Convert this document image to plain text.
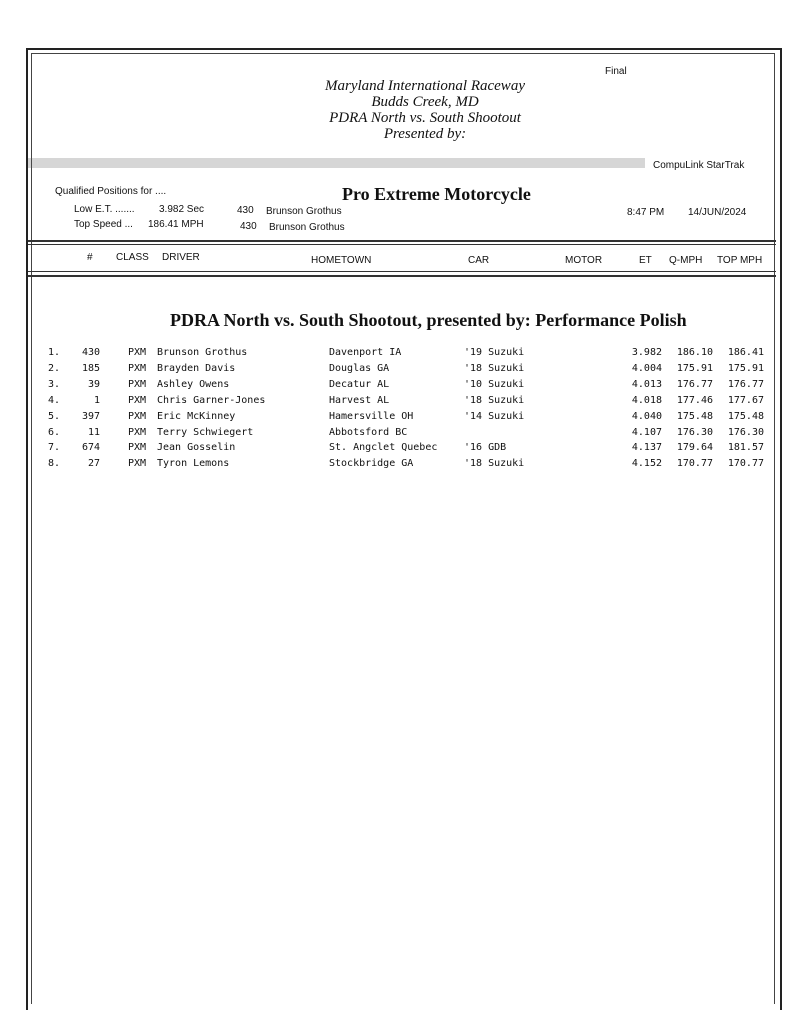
Final
Maryland International Raceway
Budds Creek, MD
PDRA North vs. South Shootout
Presented by:
CompuLink StarTrak
Qualified Positions for ....
Low E.T. ....... 3.982 Sec	430 Brunson Grothus
Top Speed ... 186.41 MPH	430 Brunson Grothus
Pro Extreme Motorcycle
8:47 PM 14/JUN/2024
# CLASS DRIVER	HOMETOWN	CAR	MOTOR	ET Q-MPH TOP MPH
PDRA North vs. South Shootout, presented by: Performance Polish
1.	430	PXM Brunson Grothus	Davenport IA	'19 Suzuki	3.982	186.10	186.41
2.	185	PXM Brayden Davis	Douglas GA	'18 Suzuki	4.004	175.91	175.91
3.	39	PXM Ashley Owens	Decatur AL	'10 Suzuki	4.013	176.77	176.77
4.	1	PXM Chris Garner-Jones	Harvest AL	'18 Suzuki	4.018	177.46	177.67
5.	397	PXM Eric McKinney	Hamersville OH	'14 Suzuki	4.040	175.48	175.48
6.	11	PXM Terry Schwiegert	Abbotsford BC	4.107	176.30	176.30
7.	674	PXM Jean Gosselin	St. Angclet Quebec	'16 GDB	4.137	179.64	181.57
8.	27	PXM Tyron Lemons	Stockbridge GA	'18 Suzuki	4.152	170.77	170.77
